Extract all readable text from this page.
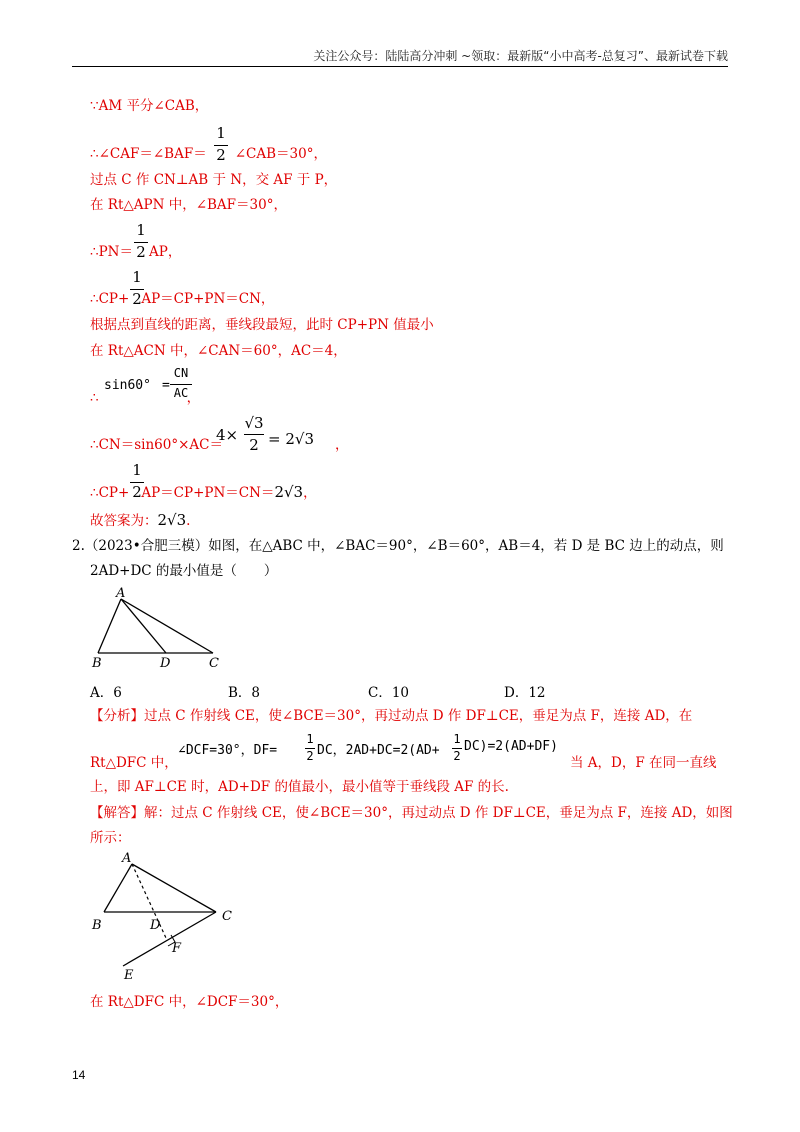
关注公众号：陆陆高分冲刺 ~领取：最新版“小中高考-总复习”、最新试卷下载
∵AM 平分∠CAB，
∴∠CAF＝∠BAF＝ ∠CAB＝30°，
1
2
过点 C 作 CN⊥AB 于 N，交 AF 于 P，
在 Rt△APN 中，∠BAF＝30°，
∴PN＝ AP，
1
2
∴CP+ AP＝CP+PN＝CN，
1
2
根据点到直线的距离，垂线段最短，此时 CP+PN 值最小
在 Rt△ACN 中，∠CAN＝60°，AC＝4，
∴	，
sin60° =
CN
AC
∴CN＝sin60°×AC＝	，
4×
√3
2 = 2√3
∴CP+ AP＝CP+PN＝CN＝2√3，
1
2
故答案为：2√3.
2.（2023•合肥三模）如图，在△ABC 中，∠BAC＝90°，∠B＝60°，AB＝4，若 D 是 BC 边上的动点，则
2AD+DC 的最小值是（　　）
A
B	D	C
A．6	B．8	C．10	D．12
【分析】过点 C 作射线 CE，使∠BCE＝30°，再过动点 D 作 DF⊥CE，垂足为点 F，连接 AD，在
Rt△DFC 中，
∠DCF=30°，DF=
1
2 DC，2AD+DC=2(AD+
1
2
DC)=2(AD+DF)
当 A，D，F 在同一直线
上，即 AF⊥CE 时，AD+DF 的值最小，最小值等于垂线段 AF 的长.
【解答】解：过点 C 作射线 CE，使∠BCE＝30°，再过动点 D 作 DF⊥CE，垂足为点 F，连接 AD，如图
所示：
A
B	D
C
F
E
在 Rt△DFC 中，∠DCF＝30°，
14
